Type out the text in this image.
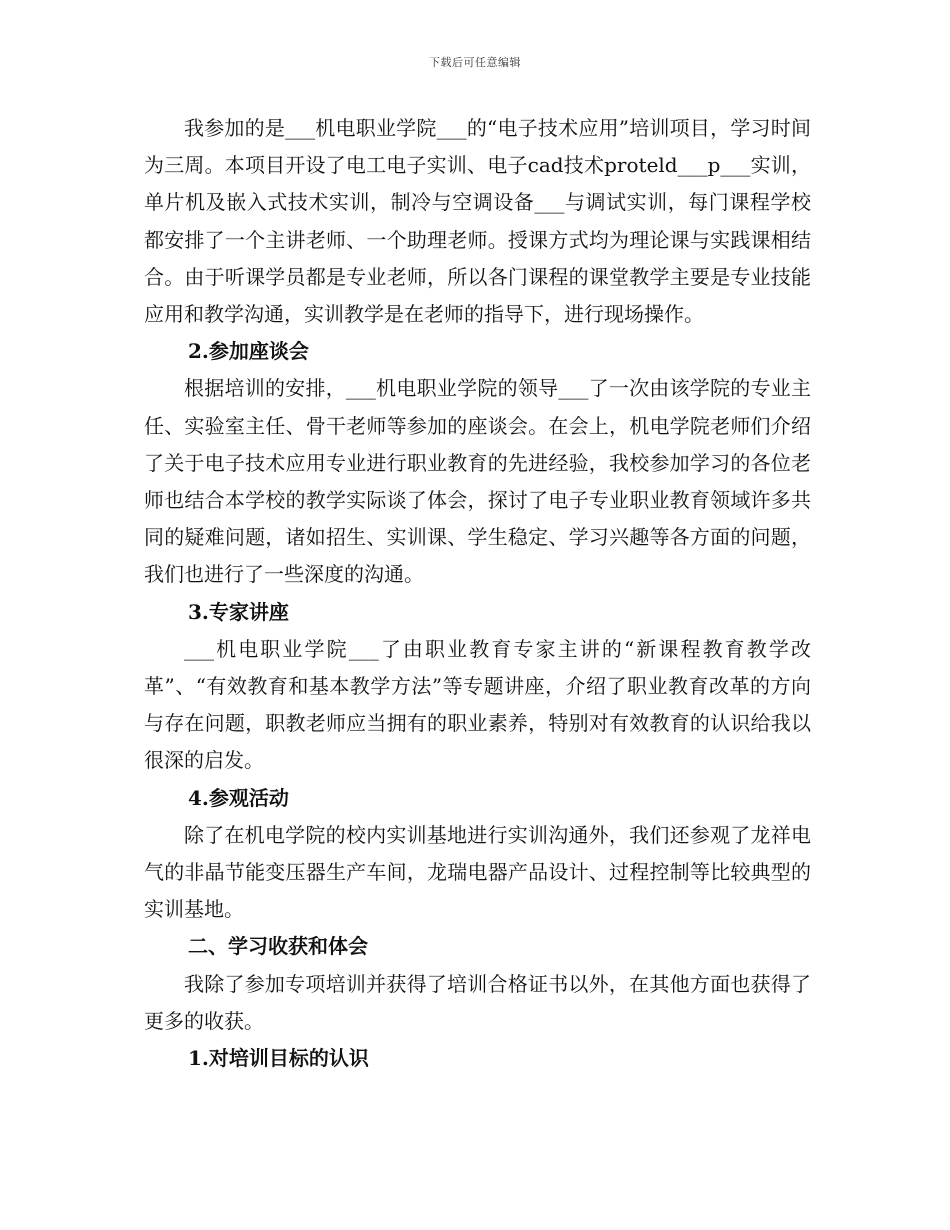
下载后可任意编辑

我参加的是___机电职业学院___的“电子技术应用”培训项目，学习时间为三周。本项目开设了电工电子实训、电子cad技术proteld___p___实训，单片机及嵌入式技术实训，制冷与空调设备___与调试实训，每门课程学校都安排了一个主讲老师、一个助理老师。授课方式均为理论课与实践课相结合。由于听课学员都是专业老师，所以各门课程的课堂教学主要是专业技能应用和教学沟通，实训教学是在老师的指导下，进行现场操作。

2.参加座谈会

根据培训的安排，___机电职业学院的领导___了一次由该学院的专业主任、实验室主任、骨干老师等参加的座谈会。在会上，机电学院老师们介绍了关于电子技术应用专业进行职业教育的先进经验，我校参加学习的各位老师也结合本学校的教学实际谈了体会，探讨了电子专业职业教育领域许多共同的疑难问题，诸如招生、实训课、学生稳定、学习兴趣等各方面的问题，我们也进行了一些深度的沟通。

3.专家讲座

___机电职业学院___了由职业教育专家主讲的“新课程教育教学改革”、“有效教育和基本教学方法”等专题讲座，介绍了职业教育改革的方向与存在问题，职教老师应当拥有的职业素养，特别对有效教育的认识给我以很深的启发。

4.参观活动

除了在机电学院的校内实训基地进行实训沟通外，我们还参观了龙祥电气的非晶节能变压器生产车间，龙瑞电器产品设计、过程控制等比较典型的实训基地。

二、学习收获和体会

我除了参加专项培训并获得了培训合格证书以外，在其他方面也获得了更多的收获。

1.对培训目标的认识
